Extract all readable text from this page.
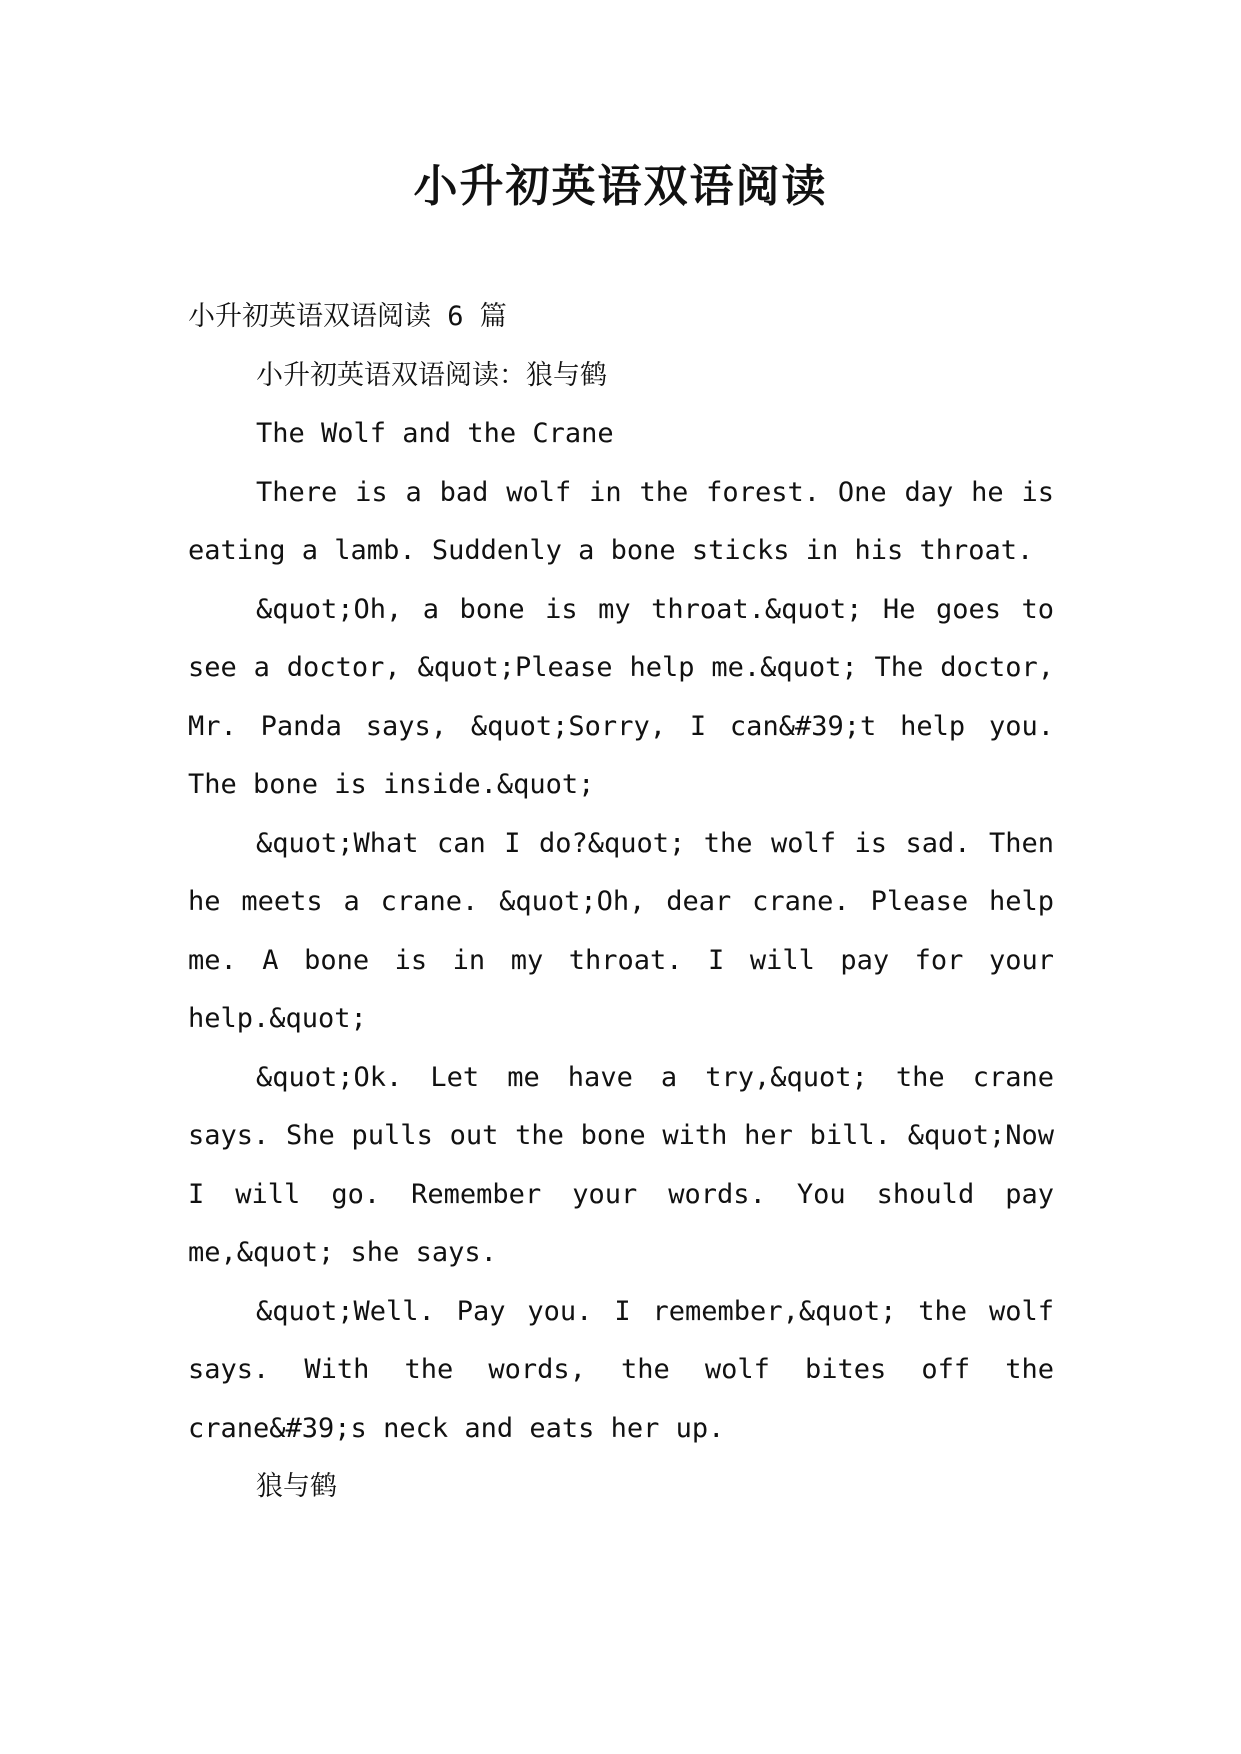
小升初英语双语阅读

小升初英语双语阅读 6 篇

小升初英语双语阅读：狼与鹤

The Wolf and the Crane

There is a bad wolf in the forest. One day he is eating a lamb. Suddenly a bone sticks in his throat.

&quot;Oh, a bone is my throat.&quot; He goes to see a doctor, &quot;Please help me.&quot; The doctor, Mr. Panda says, &quot;Sorry, I can&#39;t help you. The bone is inside.&quot;

&quot;What can I do?&quot; the wolf is sad. Then he meets a crane. &quot;Oh, dear crane. Please help me. A bone is in my throat. I will pay for your help.&quot;

&quot;Ok. Let me have a try,&quot; the crane says. She pulls out the bone with her bill. &quot;Now I will go. Remember your words. You should pay me,&quot; she says.

&quot;Well. Pay you. I remember,&quot; the wolf says. With the words, the wolf bites off the crane&#39;s neck and eats her up.

狼与鹤
